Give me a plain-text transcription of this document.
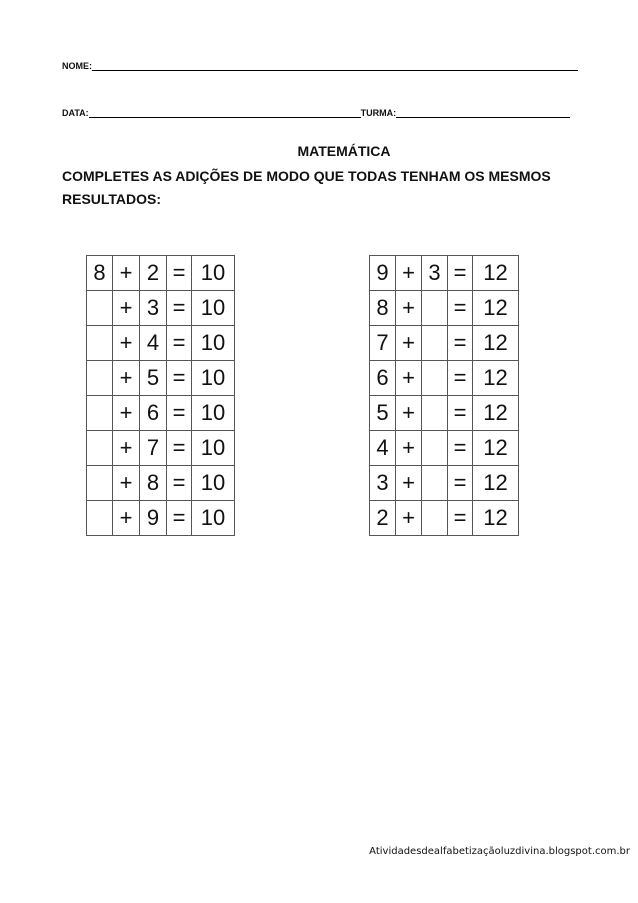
NOME:
DATA:	TURMA:
MATEMÁTICA
COMPLETES AS ADIÇÕES DE MODO QUE TODAS TENHAM OS MESMOS RESULTADOS:
8	+	2	=	10
	+	3	=	10
	+	4	=	10
	+	5	=	10
	+	6	=	10
	+	7	=	10
	+	8	=	10
	+	9	=	10
9	+	3	=	12
8	+		=	12
7	+		=	12
6	+		=	12
5	+		=	12
4	+		=	12
3	+		=	12
2	+		=	12
Atividadesdealfabetizaçãoluzdivina.blogspot.com.br
